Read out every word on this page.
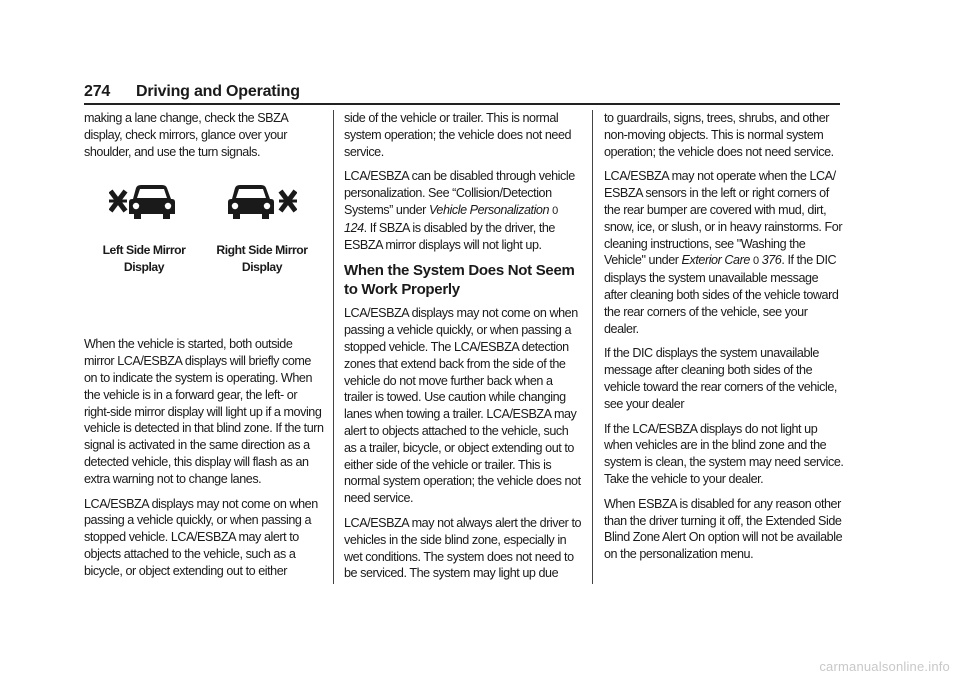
274 Driving and Operating

making a lane change, check the SBZA display, check mirrors, glance over your shoulder, and use the turn signals.

Left Side Mirror
Display
Right Side Mirror
Display

When the vehicle is started, both outside mirror LCA/ESBZA displays will briefly come on to indicate the system is operating. When the vehicle is in a forward gear, the left- or right-side mirror display will light up if a moving vehicle is detected in that blind zone. If the turn signal is activated in the same direction as a detected vehicle, this display will flash as an extra warning not to change lanes.

LCA/ESBZA displays may not come on when passing a vehicle quickly, or when passing a stopped vehicle. LCA/ESBZA may alert to objects attached to the vehicle, such as a bicycle, or object extending out to either

side of the vehicle or trailer. This is normal system operation; the vehicle does not need service.

LCA/ESBZA can be disabled through vehicle personalization. See “Collision/Detection Systems” under Vehicle Personalization 0 124. If SBZA is disabled by the driver, the ESBZA mirror displays will not light up.

When the System Does Not Seem to Work Properly

LCA/ESBZA displays may not come on when passing a vehicle quickly, or when passing a stopped vehicle. The LCA/ESBZA detection zones that extend back from the side of the vehicle do not move further back when a trailer is towed. Use caution while changing lanes when towing a trailer. LCA/ESBZA may alert to objects attached to the vehicle, such as a trailer, bicycle, or object extending out to either side of the vehicle or trailer. This is normal system operation; the vehicle does not need service.

LCA/ESBZA may not always alert the driver to vehicles in the side blind zone, especially in wet conditions. The system does not need to be serviced. The system may light up due

to guardrails, signs, trees, shrubs, and other non-moving objects. This is normal system operation; the vehicle does not need service.

LCA/ESBZA may not operate when the LCA/ ESBZA sensors in the left or right corners of the rear bumper are covered with mud, dirt, snow, ice, or slush, or in heavy rainstorms. For cleaning instructions, see "Washing the Vehicle" under Exterior Care 0 376. If the DIC displays the system unavailable message after cleaning both sides of the vehicle toward the rear corners of the vehicle, see your dealer.

If the DIC displays the system unavailable message after cleaning both sides of the vehicle toward the rear corners of the vehicle, see your dealer

If the LCA/ESBZA displays do not light up when vehicles are in the blind zone and the system is clean, the system may need service. Take the vehicle to your dealer.

When ESBZA is disabled for any reason other than the driver turning it off, the Extended Side Blind Zone Alert On option will not be available on the personalization menu.

carmanualsonline.info
